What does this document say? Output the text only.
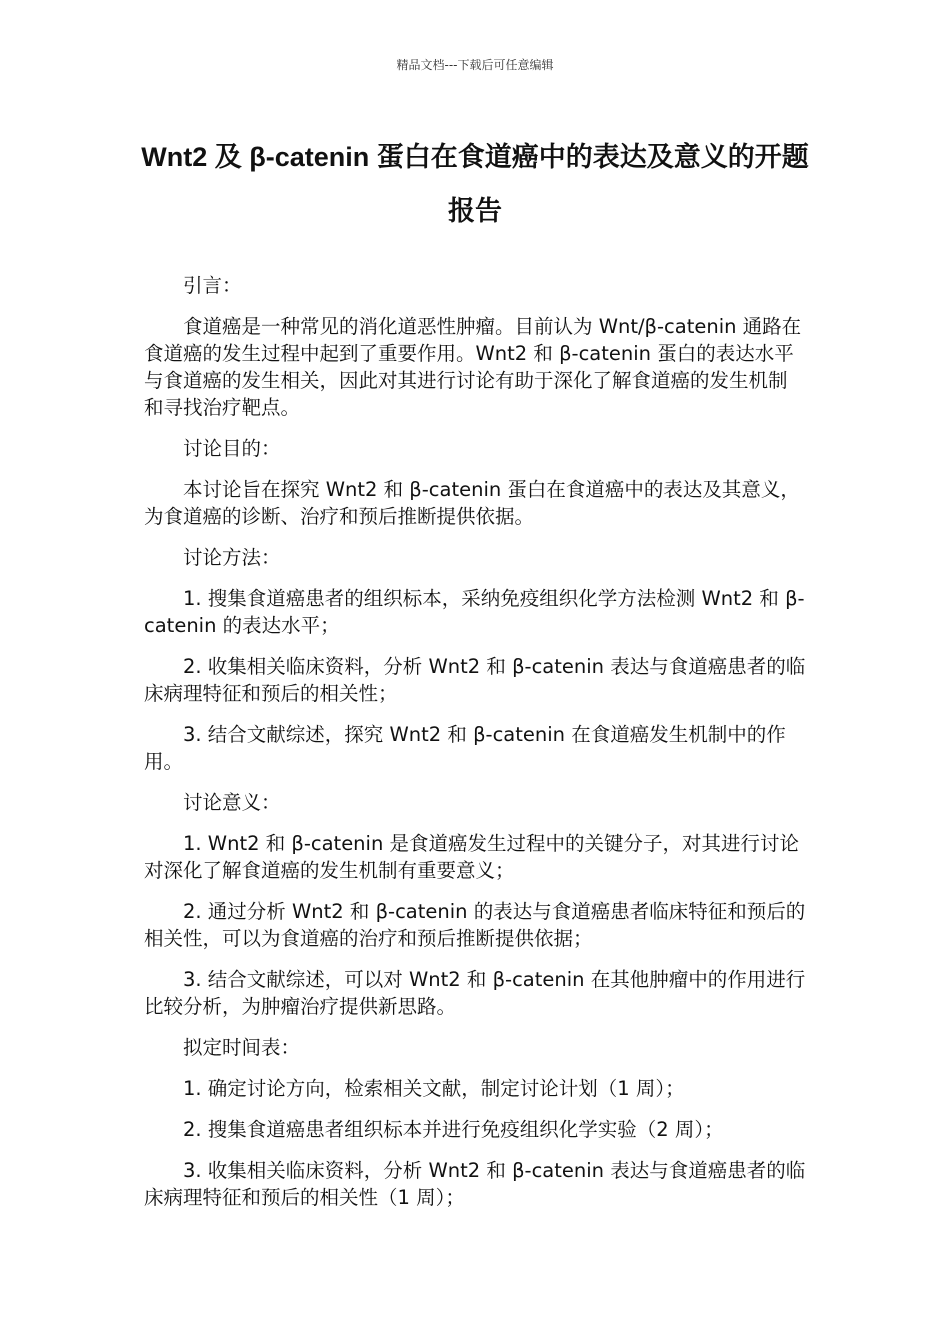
精品文档---下载后可任意编辑
Wnt2 及 β-catenin 蛋白在食道癌中的表达及意义的开题报告

引言：

食道癌是一种常见的消化道恶性肿瘤。目前认为 Wnt/β-catenin 通路在食道癌的发生过程中起到了重要作用。Wnt2 和 β-catenin 蛋白的表达水平与食道癌的发生相关，因此对其进行讨论有助于深化了解食道癌的发生机制和寻找治疗靶点。

讨论目的：

本讨论旨在探究 Wnt2 和 β-catenin 蛋白在食道癌中的表达及其意义，为食道癌的诊断、治疗和预后推断提供依据。

讨论方法：

1. 搜集食道癌患者的组织标本，采纳免疫组织化学方法检测 Wnt2 和 β-catenin 的表达水平；

2. 收集相关临床资料，分析 Wnt2 和 β-catenin 表达与食道癌患者的临床病理特征和预后的相关性；

3. 结合文献综述，探究 Wnt2 和 β-catenin 在食道癌发生机制中的作用。

讨论意义：

1. Wnt2 和 β-catenin 是食道癌发生过程中的关键分子，对其进行讨论对深化了解食道癌的发生机制有重要意义；

2. 通过分析 Wnt2 和 β-catenin 的表达与食道癌患者临床特征和预后的相关性，可以为食道癌的治疗和预后推断提供依据；

3. 结合文献综述，可以对 Wnt2 和 β-catenin 在其他肿瘤中的作用进行比较分析，为肿瘤治疗提供新思路。

拟定时间表：

1. 确定讨论方向，检索相关文献，制定讨论计划（1 周）；

2. 搜集食道癌患者组织标本并进行免疫组织化学实验（2 周）；

3. 收集相关临床资料，分析 Wnt2 和 β-catenin 表达与食道癌患者的临床病理特征和预后的相关性（1 周）；
